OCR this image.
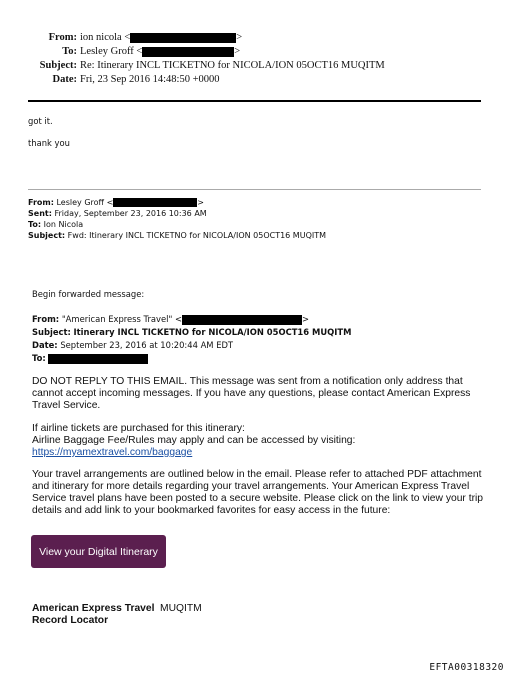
From: ion nicola <	>
To: Lesley Groff <	>
Subject: Re: Itinerary INCL TICKETNO for NICOLA/ION 05OCT16 MUQITM
Date: Fri, 23 Sep 2016 14:48:50 +0000
got it.
thank you
From: Lesley Groff <	>
Sent: Friday, September 23, 2016 10:36 AM
To: Ion Nicola
Subject: Fwd: Itinerary INCL TICKETNO for NICOLA/ION 05OCT16 MUQITM
Begin forwarded message:
From: "American Express Travel" <	>
Subject: Itinerary INCL TICKETNO for NICOLA/ION 05OCT16 MUQITM
Date: September 23, 2016 at 10:20:44 AM EDT
To:
DO NOT REPLY TO THIS EMAIL. This message was sent from a notification only address that
cannot accept incoming messages. If you have any questions, please contact American Express
Travel Service.
If airline tickets are purchased for this itinerary:
Airline Baggage Fee/Rules may apply and can be accessed by visiting:
https://myamextravel.com/baggage
Your travel arrangements are outlined below in the email. Please refer to attached PDF attachment
and itinerary for more details regarding your travel arrangements. Your American Express Travel
Service travel plans have been posted to a secure website. Please click on the link to view your trip
details and add link to your bookmarked favorites for easy access in the future:
View your Digital Itinerary
American Express Travel MUQITM
Record Locator
EFTA00318320
